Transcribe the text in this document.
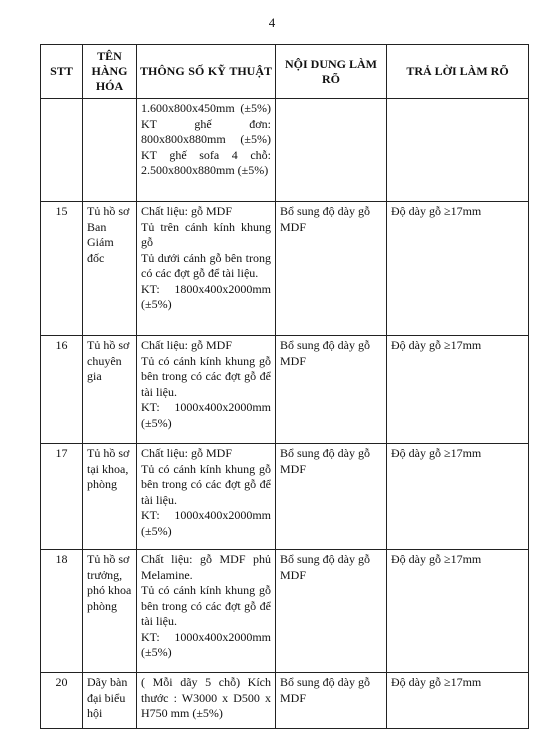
4
STT	TÊN HÀNG HÓA	THÔNG SỐ KỸ THUẬT	NỘI DUNG LÀM RÕ	TRẢ LỜI LÀM RÕ

		1.600x800x450mm (±5%) KT ghế đơn: 800x800x880mm (±5%) KT ghế sofa 4 chỗ: 2.500x800x880mm (±5%)		

15	Tủ hồ sơ Ban Giám đốc	Chất liệu: gỗ MDF
Tủ trên cánh kính khung gỗ
Tủ dưới cánh gỗ bên trong có các đợt gỗ để tài liệu.
KT: 1800x400x2000mm (±5%)	Bổ sung độ dày gỗ MDF	Độ dày gỗ ≥17mm
16	Tủ hồ sơ chuyên gia	Chất liệu: gỗ MDF
Tủ có cánh kính khung gỗ bên trong có các đợt gỗ để tài liệu.
KT: 1000x400x2000mm (±5%)	Bổ sung độ dày gỗ MDF	Độ dày gỗ ≥17mm
17	Tủ hồ sơ tại khoa, phòng	Chất liệu: gỗ MDF
Tủ có cánh kính khung gỗ bên trong có các đợt gỗ để tài liệu.
KT: 1000x400x2000mm (±5%)	Bổ sung độ dày gỗ MDF	Độ dày gỗ ≥17mm
18	Tủ hồ sơ trưởng, phó khoa phòng	Chất liệu: gỗ MDF phủ Melamine.
Tủ có cánh kính khung gỗ bên trong có các đợt gỗ để tài liệu.
KT: 1000x400x2000mm (±5%)	Bổ sung độ dày gỗ MDF	Độ dày gỗ ≥17mm
20	Dãy bàn đại biểu hội	( Mỗi dãy 5 chỗ) Kích thước : W3000 x D500 x H750 mm (±5%)	Bổ sung độ dày gỗ MDF	Độ dày gỗ ≥17mm
